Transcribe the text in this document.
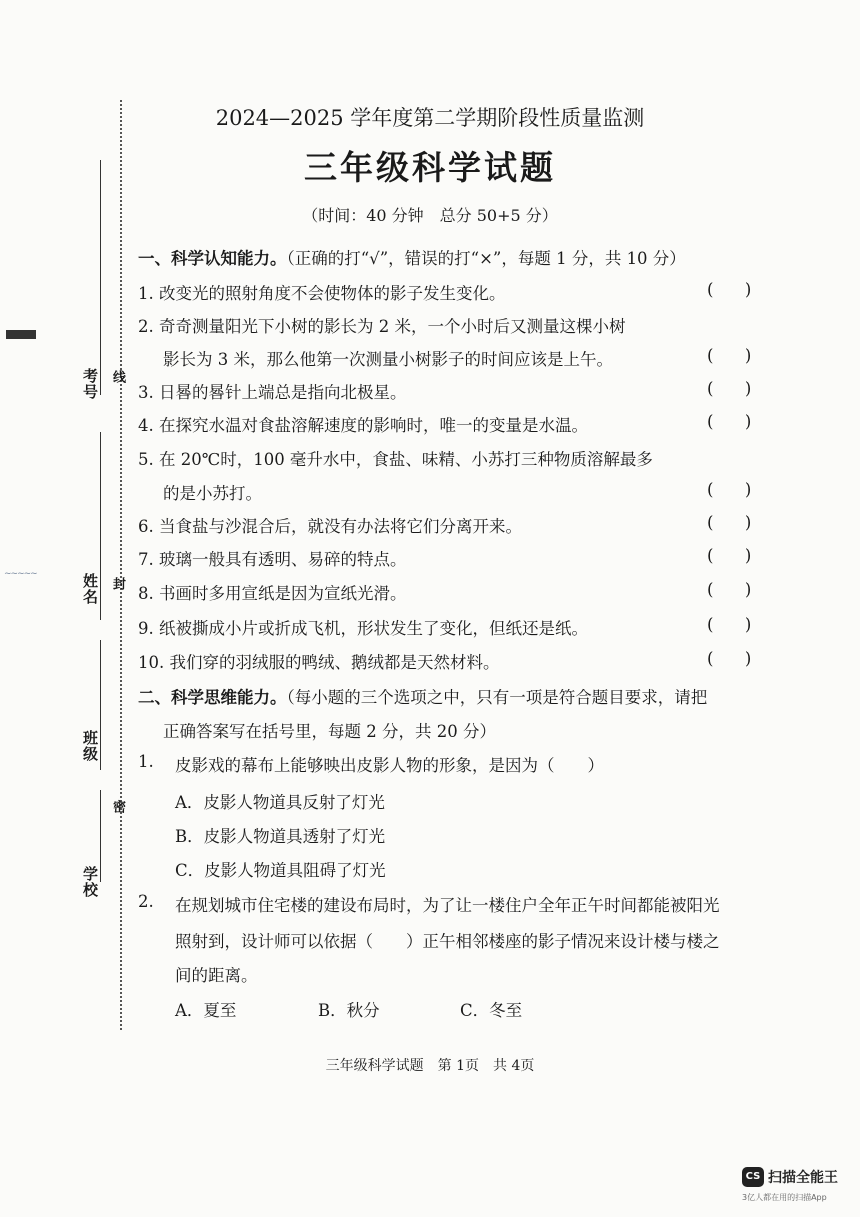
~~~~~
考号 线
姓名 封
班级
密
学校
2024—2025 学年度第二学期阶段性质量监测
三年级科学试题
（时间：40 分钟　总分 50+5 分）
一、科学认知能力。（正确的打“√”，错误的打“×”，每题 1 分，共 10 分）
1. 改变光的照射角度不会使物体的影子发生变化。	(      )
2. 奇奇测量阳光下小树的影长为 2 米，一个小时后又测量这棵小树
影长为 3 米，那么他第一次测量小树影子的时间应该是上午。	(      )
3. 日晷的晷针上端总是指向北极星。	(      )
4. 在探究水温对食盐溶解速度的影响时，唯一的变量是水温。	(      )
5. 在 20℃时，100 毫升水中，食盐、味精、小苏打三种物质溶解最多
的是小苏打。	(      )
6. 当食盐与沙混合后，就没有办法将它们分离开来。	(      )
7. 玻璃一般具有透明、易碎的特点。	(      )
8. 书画时多用宣纸是因为宣纸光滑。	(      )
9. 纸被撕成小片或折成飞机，形状发生了变化，但纸还是纸。	(      )
10. 我们穿的羽绒服的鸭绒、鹅绒都是天然材料。	(      )
二、科学思维能力。（每小题的三个选项之中，只有一项是符合题目要求，请把
正确答案写在括号里，每题 2 分，共 20 分）
1. 皮影戏的幕布上能够映出皮影人物的形象，是因为（　　）
A．皮影人物道具反射了灯光
B．皮影人物道具透射了灯光
C．皮影人物道具阻碍了灯光
2. 在规划城市住宅楼的建设布局时，为了让一楼住户全年正午时间都能被阳光
照射到，设计师可以依据（　　）正午相邻楼座的影子情况来设计楼与楼之
间的距离。
A．夏至	B．秋分	C．冬至
三年级科学试题　第 1页　共 4页
CS 扫描全能王
3亿人都在用的扫描App
